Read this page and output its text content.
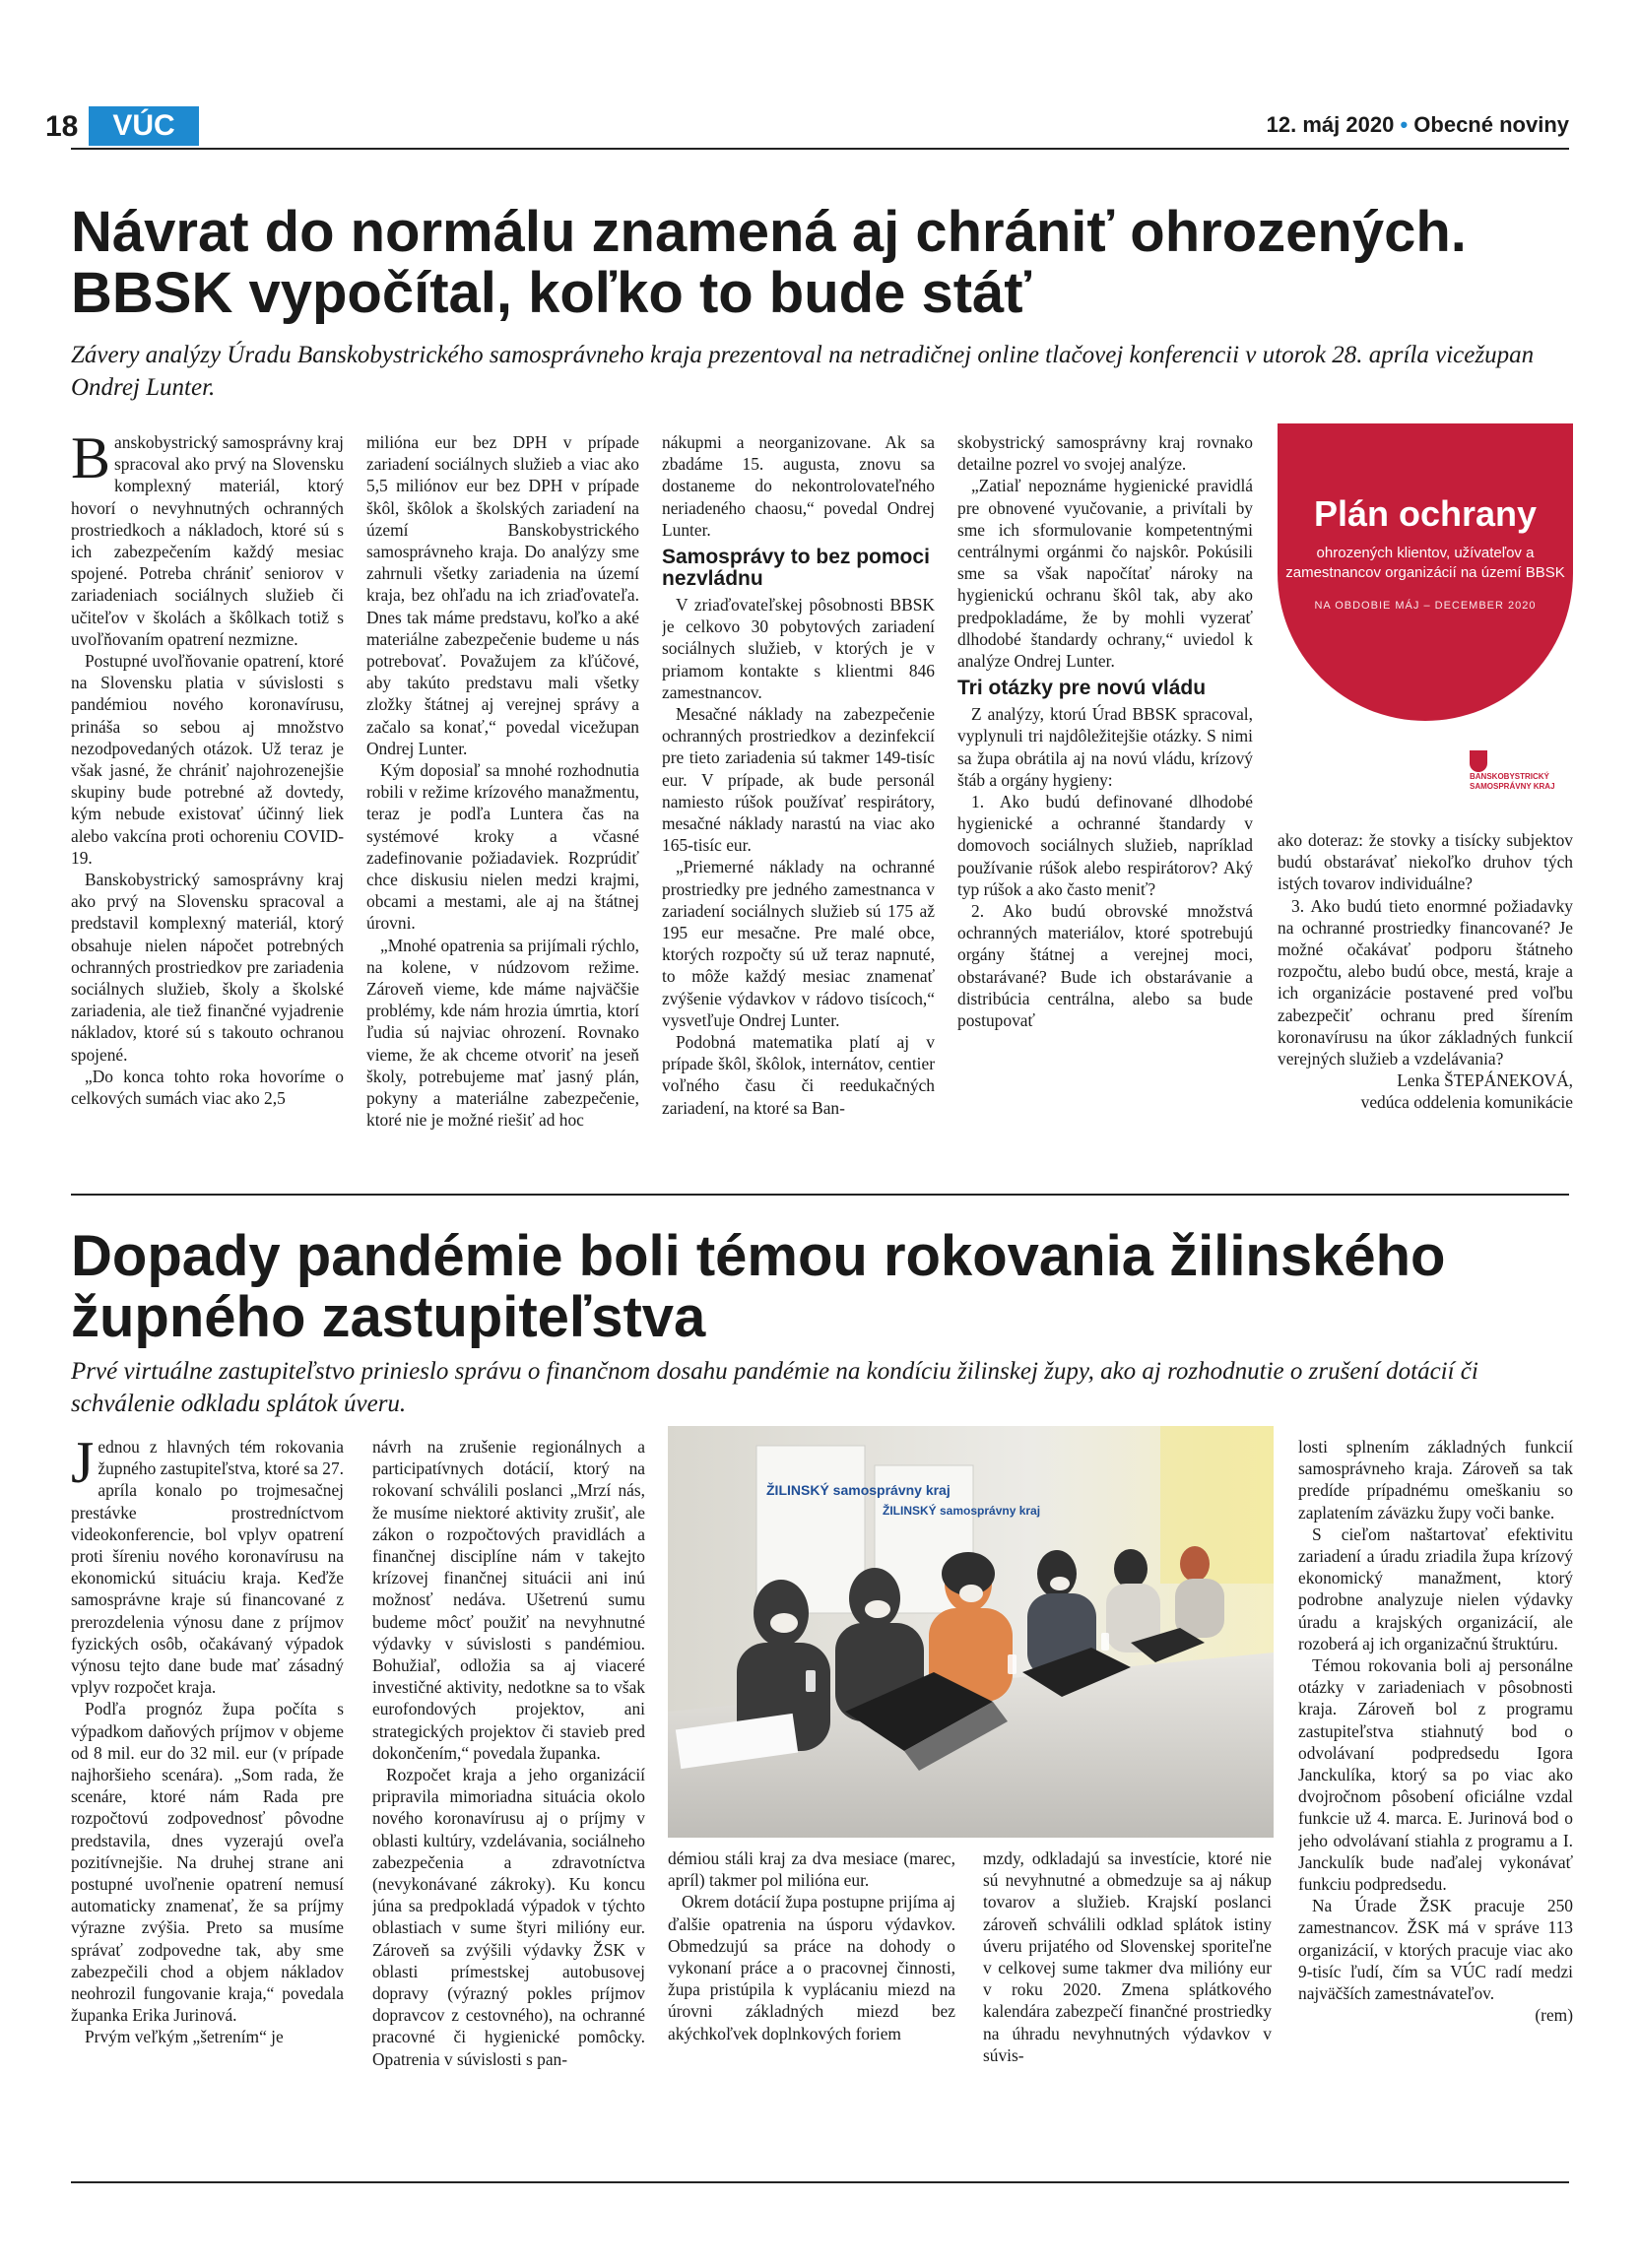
18	VÚC	12. máj 2020 • Obecné noviny
Návrat do normálu znamená aj chrániť ohrozených.
BBSK vypočítal, koľko to bude stáť
Závery analýzy Úradu Banskobystrického samosprávneho kraja prezentoval na netradičnej online tlačovej konferencii v utorok 28. apríla vicežupan Ondrej Lunter.

Banskobystrický samosprávny kraj spracoval ako prvý na Slovensku komplexný materiál, ktorý hovorí o nevyhnutných ochranných prostriedkoch a nákladoch, ktoré sú s ich zabezpečením každý mesiac spojené. Potreba chrániť seniorov v zariadeniach sociálnych služieb či učiteľov v školách a škôlkach totiž s uvoľňovaním opatrení nezmizne.

Postupné uvoľňovanie opatrení, ktoré na Slovensku platia v súvislosti s pandémiou nového koronavírusu, prináša so sebou aj množstvo nezodpovedaných otázok. Už teraz je však jasné, že chrániť najohrozenejšie skupiny bude potrebné až dovtedy, kým nebude existovať účinný liek alebo vakcína proti ochoreniu COVID-19.

Banskobystrický samosprávny kraj ako prvý na Slovensku spracoval a predstavil komplexný materiál, ktorý obsahuje nielen nápočet potrebných ochranných prostriedkov pre zariadenia sociálnych služieb, školy a školské zariadenia, ale tiež finančné vyjadrenie nákladov, ktoré sú s takouto ochranou spojené.

„Do konca tohto roka hovoríme o celkových sumách viac ako 2,5

milióna eur bez DPH v prípade zariadení sociálnych služieb a viac ako 5,5 miliónov eur bez DPH v prípade škôl, škôlok a školských zariadení na území Banskobystrického samosprávneho kraja. Do analýzy sme zahrnuli všetky zariadenia na území kraja, bez ohľadu na ich zriaďovateľa. Dnes tak máme predstavu, koľko a aké materiálne zabezpečenie budeme u nás potrebovať. Považujem za kľúčové, aby takúto predstavu mali všetky zložky štátnej aj verejnej správy a začalo sa konať,“ povedal vicežupan Ondrej Lunter.

Kým doposiaľ sa mnohé rozhodnutia robili v režime krízového manažmentu, teraz je podľa Luntera čas na systémové kroky a včasné zadefinovanie požiadaviek. Rozprúdiť chce diskusiu nielen medzi krajmi, obcami a mestami, ale aj na štátnej úrovni.

„Mnohé opatrenia sa prijímali rýchlo, na kolene, v núdzovom režime. Zároveň vieme, kde máme najväčšie problémy, kde nám hrozia úmrtia, ktorí ľudia sú najviac ohrození. Rovnako vieme, že ak chceme otvoriť na jeseň školy, potrebujeme mať jasný plán, pokyny a materiálne zabezpečenie, ktoré nie je možné riešiť ad hoc

nákupmi a neorganizovane. Ak sa zbadáme 15. augusta, znovu sa dostaneme do nekontrolovateľného neriadeného chaosu,“ povedal Ondrej Lunter.

Samosprávy to bez pomoci nezvládnu

V zriaďovateľskej pôsobnosti BBSK je celkovo 30 pobytových zariadení sociálnych služieb, v ktorých je v priamom kontakte s klientmi 846 zamestnancov.

Mesačné náklady na zabezpečenie ochranných prostriedkov a dezinfekcií pre tieto zariadenia sú takmer 149-tisíc eur. V prípade, ak bude personál namiesto rúšok používať respirátory, mesačné náklady narastú na viac ako 165-tisíc eur.

„Priemerné náklady na ochranné prostriedky pre jedného zamestnanca v zariadení sociálnych služieb sú 175 až 195 eur mesačne. Pre malé obce, ktorých rozpočty sú už teraz napnuté, to môže každý mesiac znamenať zvýšenie výdavkov v rádovo tisícoch,“ vysvetľuje Ondrej Lunter.

Podobná matematika platí aj v prípade škôl, škôlok, internátov, centier voľného času či reedukačných zariadení, na ktoré sa Ban-

skobystrický samosprávny kraj rovnako detailne pozrel vo svojej analýze.

„Zatiaľ nepoznáme hygienické pravidlá pre obnovené vyučovanie, a privítali by sme ich sformulovanie kompetentnými centrálnymi orgánmi čo najskôr. Pokúsili sme sa však napočítať nároky na hygienickú ochranu škôl tak, aby ako predpokladáme, že by mohli vyzerať dlhodobé štandardy ochrany,“ uviedol k analýze Ondrej Lunter.

Tri otázky pre novú vládu

Z analýzy, ktorú Úrad BBSK spracoval, vyplynuli tri najdôležitejšie otázky. S nimi sa župa obrátila aj na novú vládu, krízový štáb a orgány hygieny:

1. Ako budú definované dlhodobé hygienické a ochranné štandardy v domovoch sociálnych služieb, napríklad používanie rúšok alebo respirátorov? Aký typ rúšok a ako často meniť?

2. Ako budú obrovské množstvá ochranných materiálov, ktoré spotrebujú orgány štátnej a verejnej moci, obstarávané? Bude ich obstarávanie a distribúcia centrálna, alebo sa bude postupovať

ako doteraz: že stovky a tisícky subjektov budú obstarávať niekoľko druhov tých istých tovarov individuálne?

3. Ako budú tieto enormné požiadavky na ochranné prostriedky financované? Je možné očakávať podporu štátneho rozpočtu, alebo budú obce, mestá, kraje a ich organizácie postavené pred voľbu zabezpečiť ochranu pred šírením koronavírusu na úkor základných funkcií verejných služieb a vzdelávania?

Lenka ŠTEPÁNEKOVÁ,

vedúca oddelenia komunikácie

Plán ochrany
ohrozených klientov, užívateľov a zamestnancov organizácií na území BBSK
NA OBDOBIE MÁJ – DECEMBER 2020
BANSKOBYSTRICKÝ SAMOSPRÁVNY KRAJ
Dopady pandémie boli témou rokovania žilinského
župného zastupiteľstva
Prvé virtuálne zastupiteľstvo prinieslo správu o finančnom dosahu pandémie na kondíciu žilinskej župy, ako aj rozhodnutie o zrušení dotácií či schválenie odkladu splátok úveru.

Jednou z hlavných tém rokovania župného zastupiteľstva, ktoré sa 27. apríla konalo po trojmesačnej prestávke prostredníctvom videokonferencie, bol vplyv opatrení proti šíreniu nového koronavírusu na ekonomickú situáciu kraja. Keďže samosprávne kraje sú financované z prerozdelenia výnosu dane z príjmov fyzických osôb, očakávaný výpadok výnosu tejto dane bude mať zásadný vplyv rozpočet kraja.

Podľa prognóz župa počíta s výpadkom daňových príjmov v objeme od 8 mil. eur do 32 mil. eur (v prípade najhoršieho scenára). „Som rada, že scenáre, ktoré nám Rada pre rozpočtovú zodpovednosť pôvodne predstavila, dnes vyzerajú oveľa pozitívnejšie. Na druhej strane ani postupné uvoľnenie opatrení nemusí automaticky znamenať, že sa príjmy výrazne zvýšia. Preto sa musíme správať zodpovedne tak, aby sme zabezpečili chod a objem nákladov neohrozil fungovanie kraja,“ povedala županka Erika Jurinová.

Prvým veľkým „šetrením“ je

návrh na zrušenie regionálnych a participatívnych dotácií, ktorý na rokovaní schválili poslanci „Mrzí nás, že musíme niektoré aktivity zrušiť, ale zákon o rozpočtových pravidlách a finančnej disciplíne nám v takejto krízovej finančnej situácii ani inú možnosť nedáva. Ušetrenú sumu budeme môcť použiť na nevyhnutné výdavky v súvislosti s pandémiou. Bohužiaľ, odložia sa aj viaceré investičné aktivity, nedotkne sa to však eurofondových projektov, ani strategických projektov či stavieb pred dokončením,“ povedala županka.

Rozpočet kraja a jeho organizácií pripravila mimoriadna situácia okolo nového koronavírusu aj o príjmy v oblasti kultúry, vzdelávania, sociálneho zabezpečenia a zdravotníctva (nevykonávané zákroky). Ku koncu júna sa predpokladá výpadok v týchto oblastiach v sume štyri milióny eur. Zároveň sa zvýšili výdavky ŽSK v oblasti prímestskej autobusovej dopravy (výrazný pokles príjmov dopravcov z cestovného), na ochranné pracovné či hygienické pomôcky. Opatrenia v súvislosti s pan-

ŽILINSKÝ samosprávny kraj
ŽILINSKÝ samosprávny kraj

démiou stáli kraj za dva mesiace (marec, apríl) takmer pol milióna eur.

Okrem dotácií župa postupne prijíma aj ďalšie opatrenia na úsporu výdavkov. Obmedzujú sa práce na dohody o vykonaní práce a o pracovnej činnosti, župa pristúpila k vyplácaniu miezd na úrovni základných miezd bez akýchkoľvek doplnkových foriem

mzdy, odkladajú sa investície, ktoré nie sú nevyhnutné a obmedzuje sa aj nákup tovarov a služieb. Krajskí poslanci zároveň schválili odklad splátok istiny úveru prijatého od Slovenskej sporiteľne v celkovej sume takmer dva milióny eur v roku 2020. Zmena splátkového kalendára zabezpečí finančné prostriedky na úhradu nevyhnutných výdavkov v súvis-

losti splnením základných funkcií samosprávneho kraja. Zároveň sa tak predíde prípadnému omeškaniu so zaplatením záväzku župy voči banke.

S cieľom naštartovať efektivitu zariadení a úradu zriadila župa krízový ekonomický manažment, ktorý podrobne analyzuje nielen výdavky úradu a krajských organizácií, ale rozoberá aj ich organizačnú štruktúru.

Témou rokovania boli aj personálne otázky v zariadeniach v pôsobnosti kraja. Zároveň bol z programu zastupiteľstva stiahnutý bod o odvolávaní podpredsedu Igora Janckulíka, ktorý sa po viac ako dvojročnom pôsobení oficiálne vzdal funkcie už 4. marca. E. Jurinová bod o jeho odvolávaní stiahla z programu a I. Janckulík bude naďalej vykonávať funkciu podpredsedu.

Na Úrade ŽSK pracuje 250 zamestnancov. ŽSK má v správe 113 organizácií, v ktorých pracuje viac ako 9-tisíc ľudí, čím sa VÚC radí medzi najväčších zamestnávateľov.

(rem)
